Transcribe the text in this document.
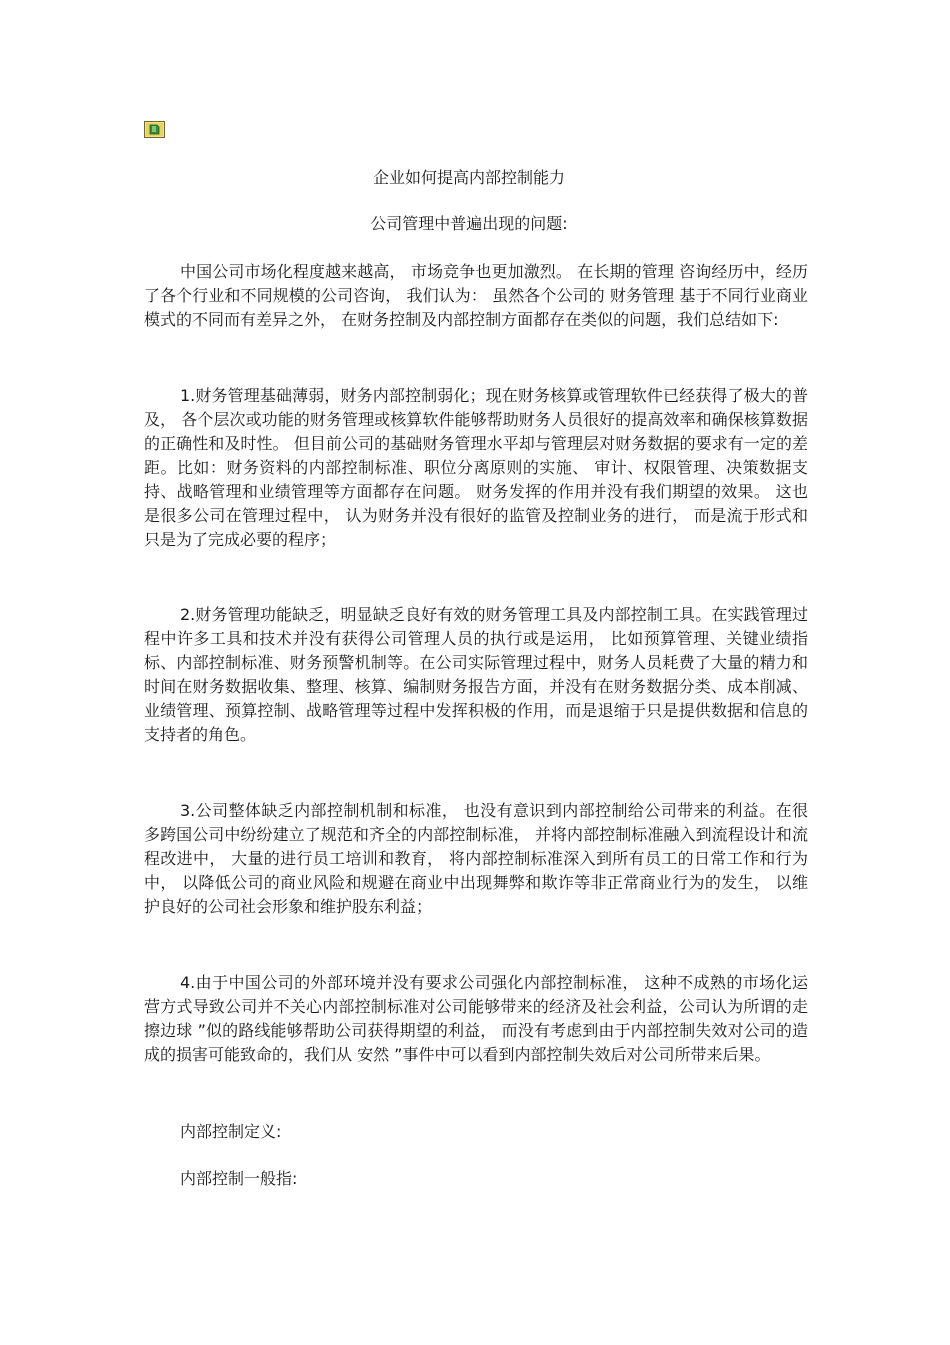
企业如何提高内部控制能力
公司管理中普遍出现的问题:

中国公司市场化程度越来越高， 市场竞争也更加激烈。 在长期的管理 咨询经历中，经历了各个行业和不同规模的公司咨询， 我们认为： 虽然各个公司的 财务管理 基于不同行业商业模式的不同而有差异之外， 在财务控制及内部控制方面都存在类似的问题，我们总结如下:

1.财务管理基础薄弱，财务内部控制弱化；现在财务核算或管理软件已经获得了极大的普及， 各个层次或功能的财务管理或核算软件能够帮助财务人员很好的提高效率和确保核算数据的正确性和及时性。 但目前公司的基础财务管理水平却与管理层对财务数据的要求有一定的差距。比如：财务资料的内部控制标准、职位分离原则的实施、 审计、权限管理、决策数据支持、战略管理和业绩管理等方面都存在问题。 财务发挥的作用并没有我们期望的效果。 这也是很多公司在管理过程中， 认为财务并没有很好的监管及控制业务的进行， 而是流于形式和只是为了完成必要的程序；

2.财务管理功能缺乏，明显缺乏良好有效的财务管理工具及内部控制工具。在实践管理过程中许多工具和技术并没有获得公司管理人员的执行或是运用， 比如预算管理、关键业绩指标、内部控制标准、财务预警机制等。在公司实际管理过程中，财务人员耗费了大量的精力和时间在财务数据收集、整理、核算、编制财务报告方面，并没有在财务数据分类、成本削减、业绩管理、预算控制、战略管理等过程中发挥积极的作用，而是退缩于只是提供数据和信息的支持者的角色。

3.公司整体缺乏内部控制机制和标准， 也没有意识到内部控制给公司带来的利益。在很多跨国公司中纷纷建立了规范和齐全的内部控制标准， 并将内部控制标准融入到流程设计和流程改进中， 大量的进行员工培训和教育， 将内部控制标准深入到所有员工的日常工作和行为中， 以降低公司的商业风险和规避在商业中出现舞弊和欺诈等非正常商业行为的发生， 以维护良好的公司社会形象和维护股东利益；

4.由于中国公司的外部环境并没有要求公司强化内部控制标准， 这种不成熟的市场化运营方式导致公司并不关心内部控制标准对公司能够带来的经济及社会利益，公司认为所谓的走 擦边球 ”似的路线能够帮助公司获得期望的利益， 而没有考虑到由于内部控制失效对公司的造成的损害可能致命的，我们从 安然 ”事件中可以看到内部控制失效后对公司所带来后果。

内部控制定义:

内部控制一般指:
